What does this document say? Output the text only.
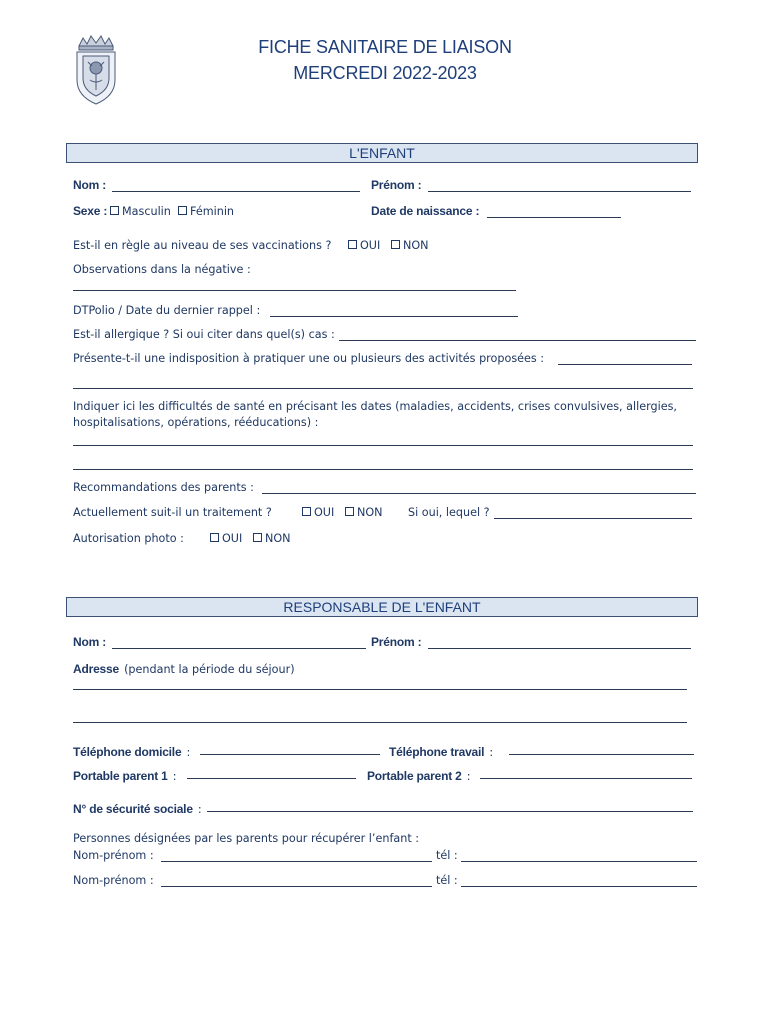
FICHE SANITAIRE DE LIAISON
MERCREDI 2022-2023
L'ENFANT
Nom :	Prénom :
Sexe :	Masculin Féminin	Date de naissance :
Est-il en règle au niveau de ses vaccinations ?	OUI NON
Observations dans la négative :
DTPolio / Date du dernier rappel :
Est-il allergique ? Si oui citer dans quel(s) cas :
Présente-t-il une indisposition à pratiquer une ou plusieurs des activités proposées :
Indiquer ici les difficultés de santé en précisant les dates (maladies, accidents, crises convulsives, allergies,
hospitalisations, opérations, rééducations) :
Recommandations des parents :
Actuellement suit-il un traitement ?	OUI NON Si oui, lequel ?
Autorisation photo :	OUI NON
RESPONSABLE DE L'ENFANT
Nom :	Prénom :
Adresse (pendant la période du séjour)
Téléphone domicile :	Téléphone travail :
Portable parent 1 :	Portable parent 2 :
N° de sécurité sociale :
Personnes désignées par les parents pour récupérer l’enfant :
Nom-prénom :	tél :
Nom-prénom :	tél :
